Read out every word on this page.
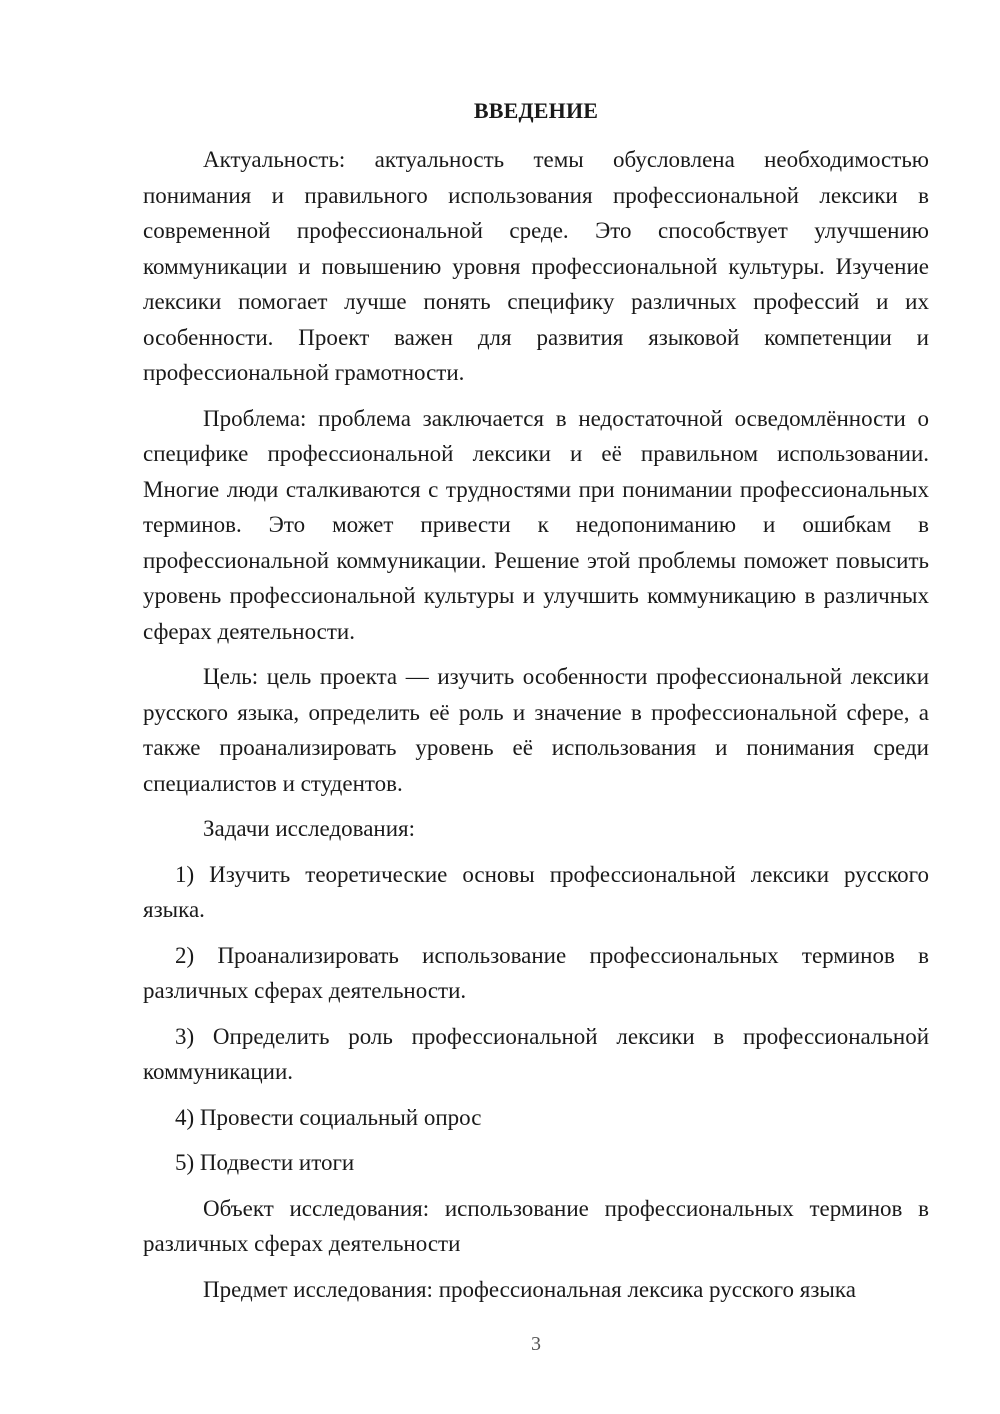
ВВЕДЕНИЕ

Актуальность: актуальность темы обусловлена необходимостью понимания и правильного использования профессиональной лексики в современной профессиональной среде. Это способствует улучшению коммуникации и повышению уровня профессиональной культуры. Изучение лексики помогает лучше понять специфику различных профессий и их особенности. Проект важен для развития языковой компетенции и профессиональной грамотности.

Проблема: проблема заключается в недостаточной осведомлённости о специфике профессиональной лексики и её правильном использовании. Многие люди сталкиваются с трудностями при понимании профессиональных терминов. Это может привести к недопониманию и ошибкам в профессиональной коммуникации. Решение этой проблемы поможет повысить уровень профессиональной культуры и улучшить коммуникацию в различных сферах деятельности.

Цель: цель проекта — изучить особенности профессиональной лексики русского языка, определить её роль и значение в профессиональной сфере, а также проанализировать уровень её использования и понимания среди специалистов и студентов.

Задачи исследования:

1) Изучить теоретические основы профессиональной лексики русского языка.

2) Проанализировать использование профессиональных терминов в различных сферах деятельности.

3) Определить роль профессиональной лексики в профессиональной коммуникации.

4) Провести социальный опрос

5) Подвести итоги

Объект исследования: использование профессиональных терминов в различных сферах деятельности

Предмет исследования: профессиональная лексика русского языка

3
